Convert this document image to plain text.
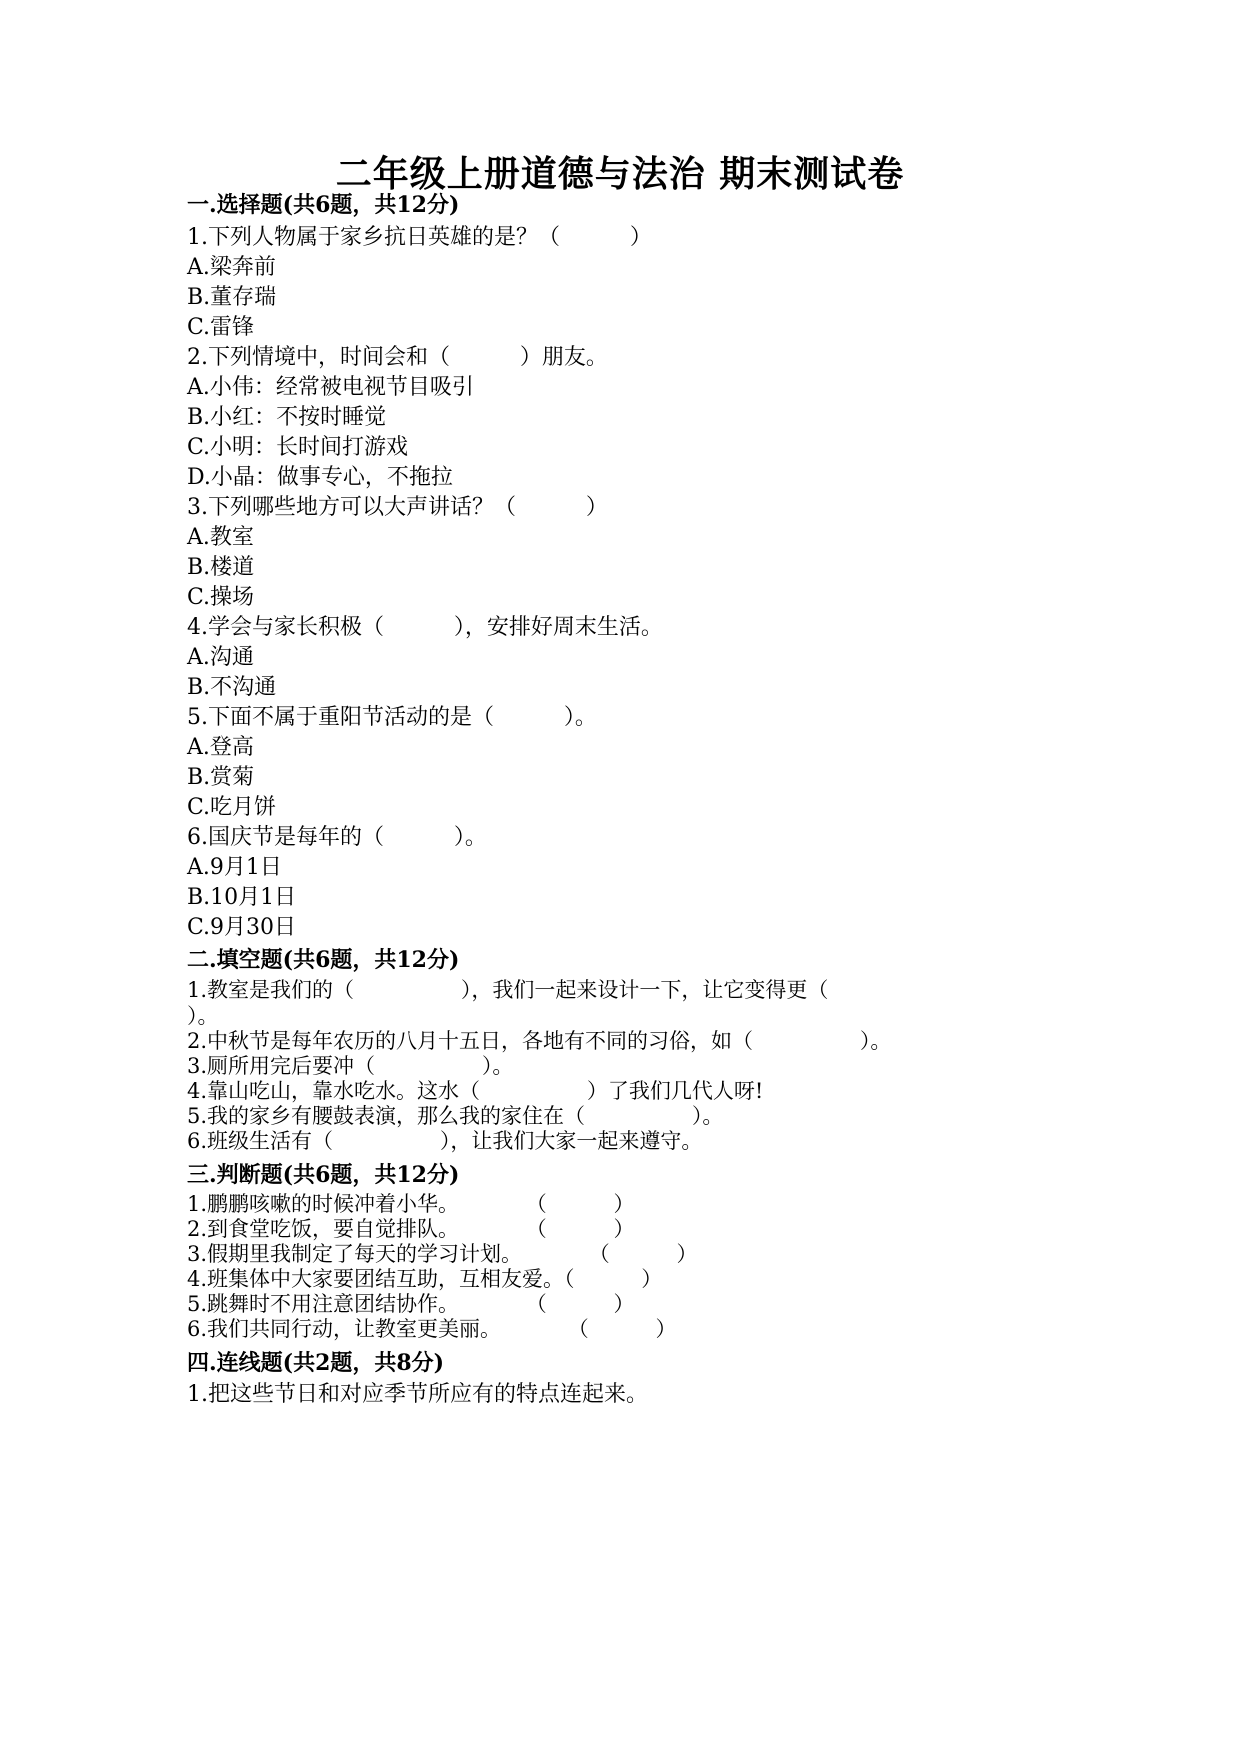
二年级上册道德与法治 期末测试卷
一.选择题(共6题，共12分)
1.下列人物属于家乡抗日英雄的是？（          ）
A.梁奔前
B.董存瑞
C.雷锋
2.下列情境中，时间会和（          ）朋友。
A.小伟：经常被电视节目吸引
B.小红：不按时睡觉
C.小明：长时间打游戏
D.小晶：做事专心，不拖拉
3.下列哪些地方可以大声讲话？（          ）
A.教室
B.楼道
C.操场
4.学会与家长积极（          ），安排好周末生活。
A.沟通
B.不沟通
5.下面不属于重阳节活动的是（          ）。
A.登高
B.赏菊
C.吃月饼
6.国庆节是每年的（          ）。
A.9月1日
B.10月1日
C.9月30日
二.填空题(共6题，共12分)
1.教室是我们的（                ），我们一起来设计一下，让它变得更（
）。
2.中秋节是每年农历的八月十五日，各地有不同的习俗，如（                ）。
3.厕所用完后要冲（                ）。
4.靠山吃山，靠水吃水。这水（                ）了我们几代人呀!
5.我的家乡有腰鼓表演，那么我的家住在（                ）。
6.班级生活有（                ），让我们大家一起来遵守。
三.判断题(共6题，共12分)
1.鹏鹏咳嗽的时候冲着小华。          （          ）
2.到食堂吃饭，要自觉排队。          （          ）
3.假期里我制定了每天的学习计划。          （          ）
4.班集体中大家要团结互助，互相友爱。（          ）
5.跳舞时不用注意团结协作。          （          ）
6.我们共同行动，让教室更美丽。          （          ）
四.连线题(共2题，共8分)
1.把这些节日和对应季节所应有的特点连起来。
